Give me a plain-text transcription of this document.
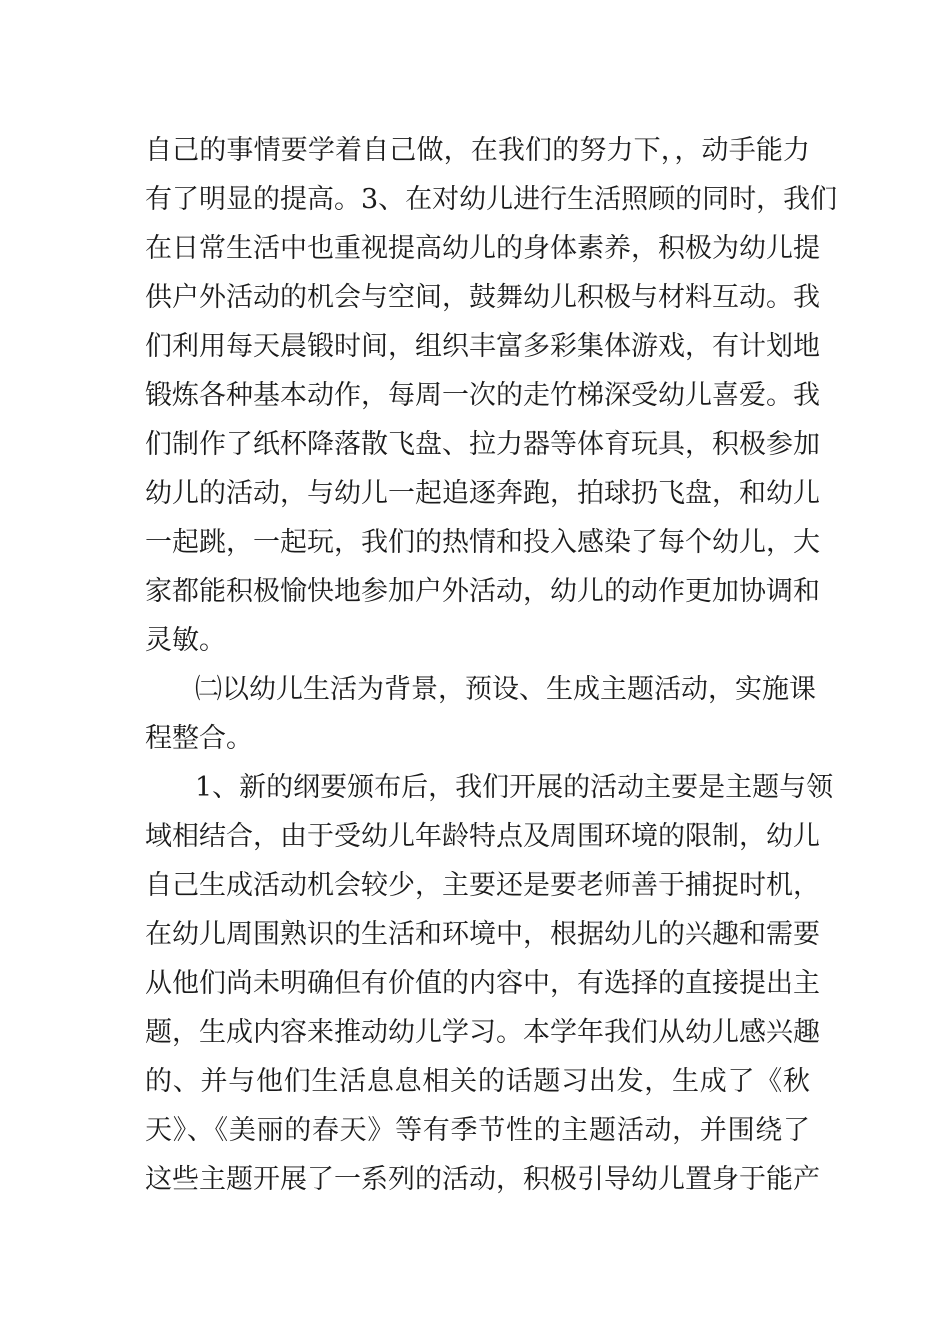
自己的事情要学着自己做，在我们的努力下，，动手能力
有了明显的提高。3、在对幼儿进行生活照顾的同时，我们
在日常生活中也重视提高幼儿的身体素养，积极为幼儿提
供户外活动的机会与空间，鼓舞幼儿积极与材料互动。我
们利用每天晨锻时间，组织丰富多彩集体游戏，有计划地
锻炼各种基本动作，每周一次的走竹梯深受幼儿喜爱。我
们制作了纸杯降落散飞盘、拉力器等体育玩具，积极参加
幼儿的活动，与幼儿一起追逐奔跑，拍球扔飞盘，和幼儿
一起跳，一起玩，我们的热情和投入感染了每个幼儿，大
家都能积极愉快地参加户外活动，幼儿的动作更加协调和
灵敏。
㈡以幼儿生活为背景，预设、生成主题活动，实施课
程整合。
1、新的纲要颁布后，我们开展的活动主要是主题与领
域相结合，由于受幼儿年龄特点及周围环境的限制，幼儿
自己生成活动机会较少，主要还是要老师善于捕捉时机，
在幼儿周围熟识的生活和环境中，根据幼儿的兴趣和需要
从他们尚未明确但有价值的内容中，有选择的直接提出主
题，生成内容来推动幼儿学习。本学年我们从幼儿感兴趣
的、并与他们生活息息相关的话题习出发，生成了《秋
天》、《美丽的春天》等有季节性的主题活动，并围绕了
这些主题开展了一系列的活动，积极引导幼儿置身于能产
